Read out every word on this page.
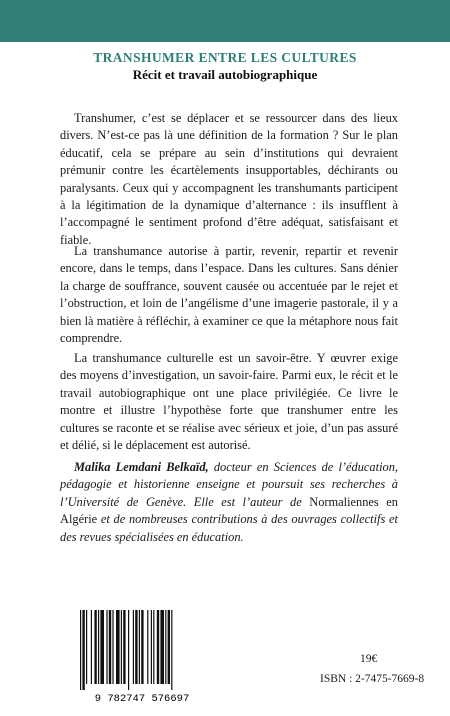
TRANSHUMER ENTRE LES CULTURES
Récit et travail autobiographique

Transhumer, c’est se déplacer et se ressourcer dans des lieux divers. N’est-ce pas là une définition de la formation ? Sur le plan éducatif, cela se prépare au sein d’institutions qui devraient prémunir contre les écartèlements insupportables, déchirants ou paralysants. Ceux qui y accompagnent les transhumants participent à la légitimation de la dynamique d’alternance : ils insufflent à l’accompagné le sentiment profond d’être adéquat, satisfaisant et fiable.

La transhumance autorise à partir, revenir, repartir et revenir encore, dans le temps, dans l’espace. Dans les cultures. Sans dénier la charge de souffrance, souvent causée ou accentuée par le rejet et l’obstruction, et loin de l’angélisme d’une imagerie pastorale, il y a bien là matière à réfléchir, à examiner ce que la métaphore nous fait comprendre.

La transhumance culturelle est un savoir-être. Y œuvrer exige des moyens d’investigation, un savoir-faire. Parmi eux, le récit et le travail autobiographique ont une place privilégiée. Ce livre le montre et illustre l’hypothèse forte que transhumer entre les cultures se raconte et se réalise avec sérieux et joie, d’un pas assuré et délié, si le déplacement est autorisé.

Malika Lemdani Belkaïd, docteur en Sciences de l’éducation, pédagogie et historienne enseigne et poursuit ses recherches à l’Université de Genève. Elle est l’auteur de Normaliennes en Algérie et de nombreuses contributions à des ouvrages collectifs et des revues spécialisées en éducation.

9 782747 576697
19€
ISBN : 2-7475-7669-8
